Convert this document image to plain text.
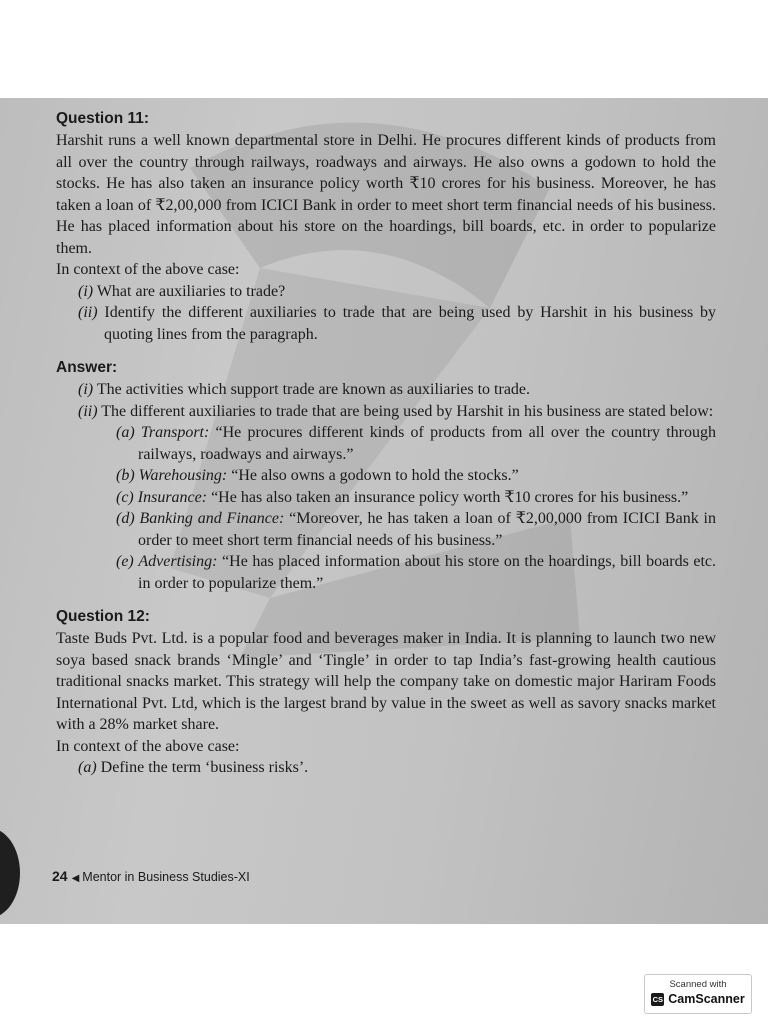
Question 11:

Harshit runs a well known departmental store in Delhi. He procures different kinds of products from all over the country through railways, roadways and airways. He also owns a godown to hold the stocks. He has also taken an insurance policy worth ₹10 crores for his business. Moreover, he has taken a loan of ₹2,00,000 from ICICI Bank in order to meet short term financial needs of his business. He has placed information about his store on the hoardings, bill boards, etc. in order to popularize them.

In context of the above case:

(i) What are auxiliaries to trade?

(ii) Identify the different auxiliaries to trade that are being used by Harshit in his business by quoting lines from the paragraph.

Answer:

(i) The activities which support trade are known as auxiliaries to trade.

(ii) The different auxiliaries to trade that are being used by Harshit in his business are stated below:

(a) Transport: “He procures different kinds of products from all over the country through railways, roadways and airways.”

(b) Warehousing: “He also owns a godown to hold the stocks.”

(c) Insurance: “He has also taken an insurance policy worth ₹10 crores for his business.”

(d) Banking and Finance: “Moreover, he has taken a loan of ₹2,00,000 from ICICI Bank in order to meet short term financial needs of his business.”

(e) Advertising: “He has placed information about his store on the hoardings, bill boards etc. in order to popularize them.”

Question 12:

Taste Buds Pvt. Ltd. is a popular food and beverages maker in India. It is planning to launch two new soya based snack brands ‘Mingle’ and ‘Tingle’ in order to tap India’s fast-growing health cautious traditional snacks market. This strategy will help the company take on domestic major Hariram Foods International Pvt. Ltd, which is the largest brand by value in the sweet as well as savory snacks market with a 28% market share.

In context of the above case:

(a) Define the term ‘business risks’.

24 ◀ Mentor in Business Studies-XI
Scanned with
CS CamScanner
